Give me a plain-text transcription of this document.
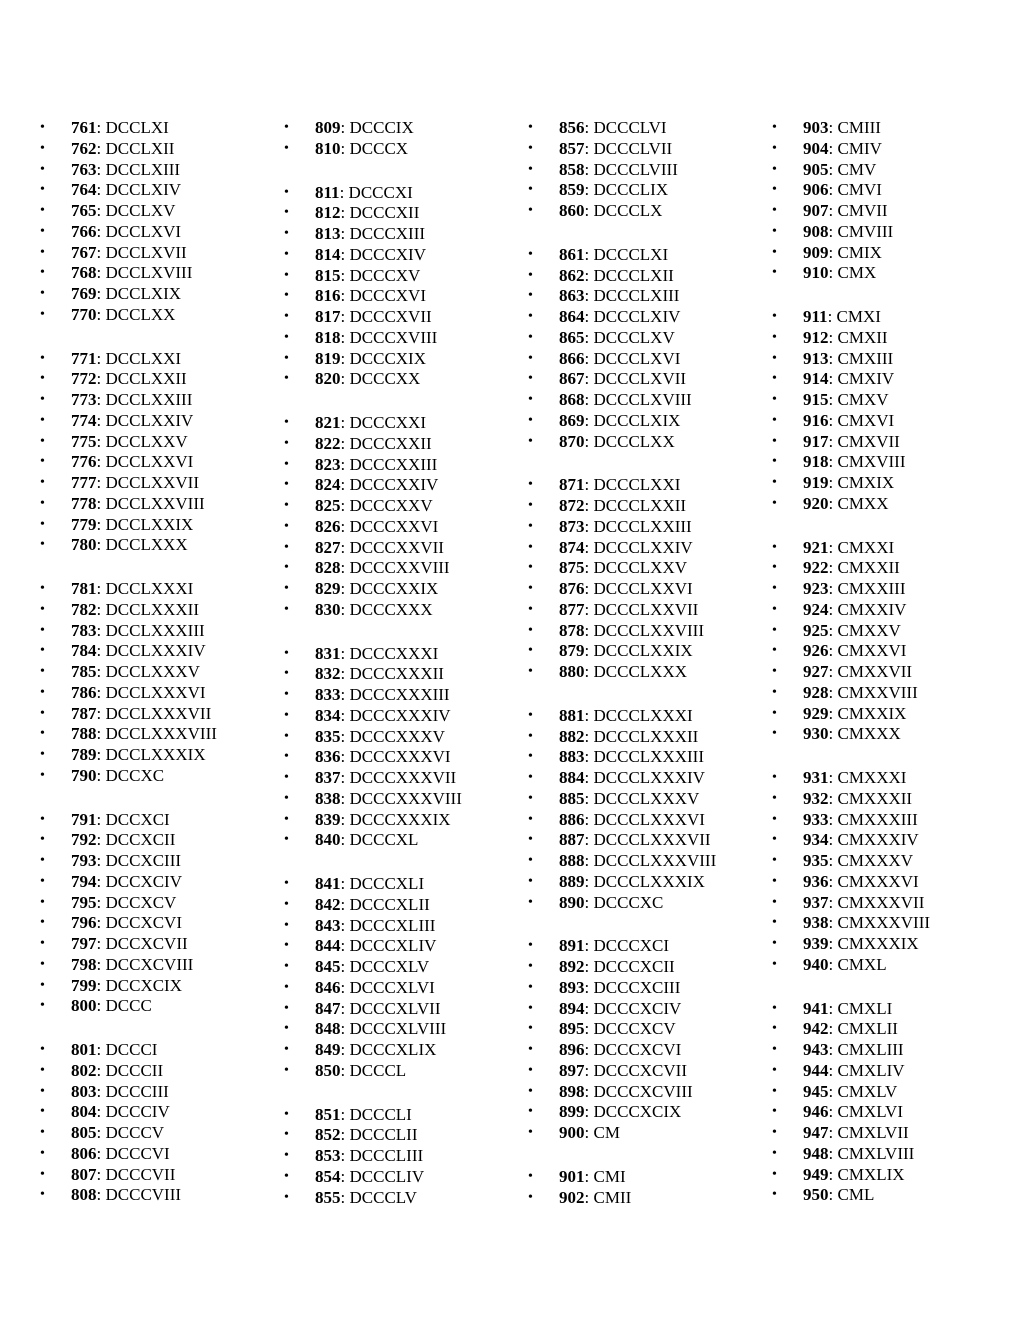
• 761: DCCLXI
• 762: DCCLXII
• 763: DCCLXIII
• 764: DCCLXIV
• 765: DCCLXV
• 766: DCCLXVI
• 767: DCCLXVII
• 768: DCCLXVIII
• 769: DCCLXIX
• 770: DCCLXX
• 771: DCCLXXI
• 772: DCCLXXII
• 773: DCCLXXIII
• 774: DCCLXXIV
• 775: DCCLXXV
• 776: DCCLXXVI
• 777: DCCLXXVII
• 778: DCCLXXVIII
• 779: DCCLXXIX
• 780: DCCLXXX
• 781: DCCLXXXI
• 782: DCCLXXXII
• 783: DCCLXXXIII
• 784: DCCLXXXIV
• 785: DCCLXXXV
• 786: DCCLXXXVI
• 787: DCCLXXXVII
• 788: DCCLXXXVIII
• 789: DCCLXXXIX
• 790: DCCXC
• 791: DCCXCI
• 792: DCCXCII
• 793: DCCXCIII
• 794: DCCXCIV
• 795: DCCXCV
• 796: DCCXCVI
• 797: DCCXCVII
• 798: DCCXCVIII
• 799: DCCXCIX
• 800: DCCC
• 801: DCCCI
• 802: DCCCII
• 803: DCCCIII
• 804: DCCCIV
• 805: DCCCV
• 806: DCCCVI
• 807: DCCCVII
• 808: DCCCVIII
• 809: DCCCIX
• 810: DCCCX
• 811: DCCCXI
• 812: DCCCXII
• 813: DCCCXIII
• 814: DCCCXIV
• 815: DCCCXV
• 816: DCCCXVI
• 817: DCCCXVII
• 818: DCCCXVIII
• 819: DCCCXIX
• 820: DCCCXX
• 821: DCCCXXI
• 822: DCCCXXII
• 823: DCCCXXIII
• 824: DCCCXXIV
• 825: DCCCXXV
• 826: DCCCXXVI
• 827: DCCCXXVII
• 828: DCCCXXVIII
• 829: DCCCXXIX
• 830: DCCCXXX
• 831: DCCCXXXI
• 832: DCCCXXXII
• 833: DCCCXXXIII
• 834: DCCCXXXIV
• 835: DCCCXXXV
• 836: DCCCXXXVI
• 837: DCCCXXXVII
• 838: DCCCXXXVIII
• 839: DCCCXXXIX
• 840: DCCCXL
• 841: DCCCXLI
• 842: DCCCXLII
• 843: DCCCXLIII
• 844: DCCCXLIV
• 845: DCCCXLV
• 846: DCCCXLVI
• 847: DCCCXLVII
• 848: DCCCXLVIII
• 849: DCCCXLIX
• 850: DCCCL
• 851: DCCCLI
• 852: DCCCLII
• 853: DCCCLIII
• 854: DCCCLIV
• 855: DCCCLV
• 856: DCCCLVI
• 857: DCCCLVII
• 858: DCCCLVIII
• 859: DCCCLIX
• 860: DCCCLX
• 861: DCCCLXI
• 862: DCCCLXII
• 863: DCCCLXIII
• 864: DCCCLXIV
• 865: DCCCLXV
• 866: DCCCLXVI
• 867: DCCCLXVII
• 868: DCCCLXVIII
• 869: DCCCLXIX
• 870: DCCCLXX
• 871: DCCCLXXI
• 872: DCCCLXXII
• 873: DCCCLXXIII
• 874: DCCCLXXIV
• 875: DCCCLXXV
• 876: DCCCLXXVI
• 877: DCCCLXXVII
• 878: DCCCLXXVIII
• 879: DCCCLXXIX
• 880: DCCCLXXX
• 881: DCCCLXXXI
• 882: DCCCLXXXII
• 883: DCCCLXXXIII
• 884: DCCCLXXXIV
• 885: DCCCLXXXV
• 886: DCCCLXXXVI
• 887: DCCCLXXXVII
• 888: DCCCLXXXVIII
• 889: DCCCLXXXIX
• 890: DCCCXC
• 891: DCCCXCI
• 892: DCCCXCII
• 893: DCCCXCIII
• 894: DCCCXCIV
• 895: DCCCXCV
• 896: DCCCXCVI
• 897: DCCCXCVII
• 898: DCCCXCVIII
• 899: DCCCXCIX
• 900: CM
• 901: CMI
• 902: CMII
• 903: CMIII
• 904: CMIV
• 905: CMV
• 906: CMVI
• 907: CMVII
• 908: CMVIII
• 909: CMIX
• 910: CMX
• 911: CMXI
• 912: CMXII
• 913: CMXIII
• 914: CMXIV
• 915: CMXV
• 916: CMXVI
• 917: CMXVII
• 918: CMXVIII
• 919: CMXIX
• 920: CMXX
• 921: CMXXI
• 922: CMXXII
• 923: CMXXIII
• 924: CMXXIV
• 925: CMXXV
• 926: CMXXVI
• 927: CMXXVII
• 928: CMXXVIII
• 929: CMXXIX
• 930: CMXXX
• 931: CMXXXI
• 932: CMXXXII
• 933: CMXXXIII
• 934: CMXXXIV
• 935: CMXXXV
• 936: CMXXXVI
• 937: CMXXXVII
• 938: CMXXXVIII
• 939: CMXXXIX
• 940: CMXL
• 941: CMXLI
• 942: CMXLII
• 943: CMXLIII
• 944: CMXLIV
• 945: CMXLV
• 946: CMXLVI
• 947: CMXLVII
• 948: CMXLVIII
• 949: CMXLIX
• 950: CML
